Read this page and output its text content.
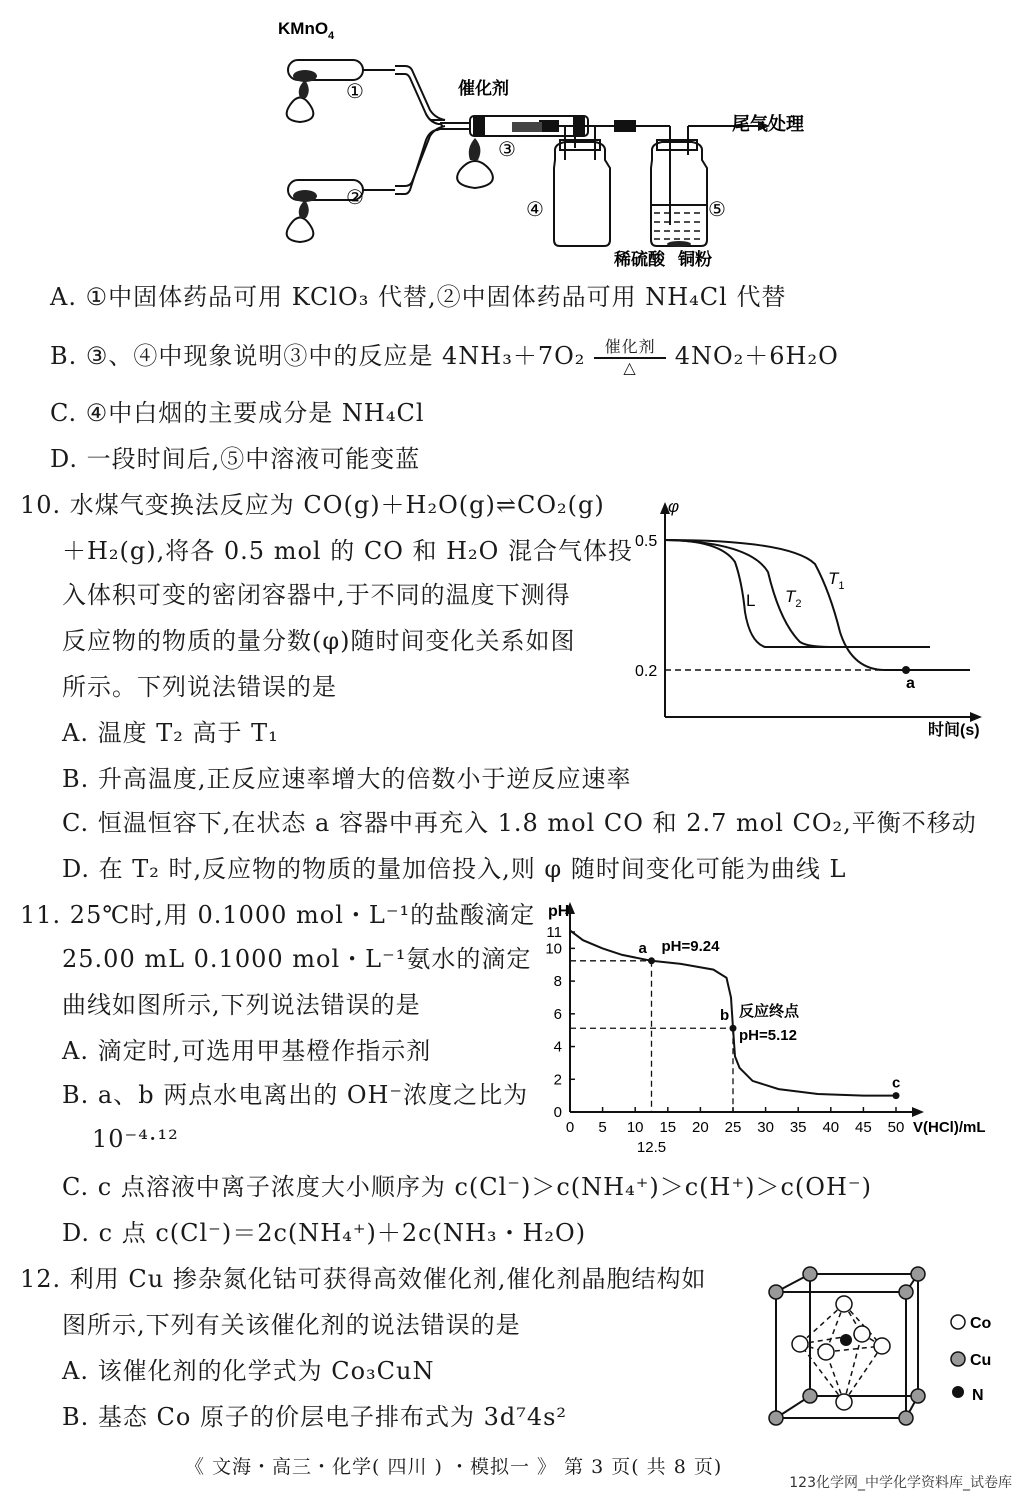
KMnO$_4$
①
②
催化剂
③
④	⑤
尾气处理
稀硫酸 铜粉
A. ①中固体药品可用 KClO₃ 代替,②中固体药品可用 NH₄Cl 代替
B. ③、④中现象说明③中的反应是 4NH₃＋7O₂	催化剂
△	4NO₂＋6H₂O
C. ④中白烟的主要成分是 NH₄Cl
D. 一段时间后,⑤中溶液可能变蓝
10. 水煤气变换法反应为 CO(g)＋H₂O(g)⇌CO₂(g)
＋H₂(g),将各 0.5 mol 的 CO 和 H₂O 混合气体投
入体积可变的密闭容器中,于不同的温度下测得
反应物的物质的量分数(φ)随时间变化关系如图
所示。下列说法错误的是
A. 温度 T₂ 高于 T₁
B. 升高温度,正反应速率增大的倍数小于逆反应速率
C. 恒温恒容下,在状态 a 容器中再充入 1.8 mol CO 和 2.7 mol CO₂,平衡不移动
D. 在 T₂ 时,反应物的物质的量加倍投入,则 φ 随时间变化可能为曲线 L
φ
0.5
0.2
时间(s)
L $T_2$
$T_1$
a
11. 25℃时,用 0.1000 mol・L⁻¹的盐酸滴定
25.00 mL 0.1000 mol・L⁻¹氨水的滴定
曲线如图所示,下列说法错误的是
A. 滴定时,可选用甲基橙作指示剂
B. a、b 两点水电离出的 OH⁻浓度之比为
10⁻⁴·¹²
C. c 点溶液中离子浓度大小顺序为 c(Cl⁻)＞c(NH₄⁺)＞c(H⁺)＞c(OH⁻)
D. c 点 c(Cl⁻)＝2c(NH₄⁺)＋2c(NH₃・H₂O)
0 5 10 15 20 25 30 35 40 45 50
12.5
0
2
4
6
8
10
11
a pH=9.24
b
pH=5.12
反应终点
c
pH
V(HCl)/mL
12. 利用 Cu 掺杂氮化钴可获得高效催化剂,催化剂晶胞结构如
图所示,下列有关该催化剂的说法错误的是
A. 该催化剂的化学式为 Co₃CuN
B. 基态 Co 原子的价层电子排布式为 3d⁷4s²
Co
Cu
N
《 文海・高三・化学( 四川 ) ・模拟一 》 第 3 页( 共 8 页)
123化学网_中学化学资料库_试卷库
